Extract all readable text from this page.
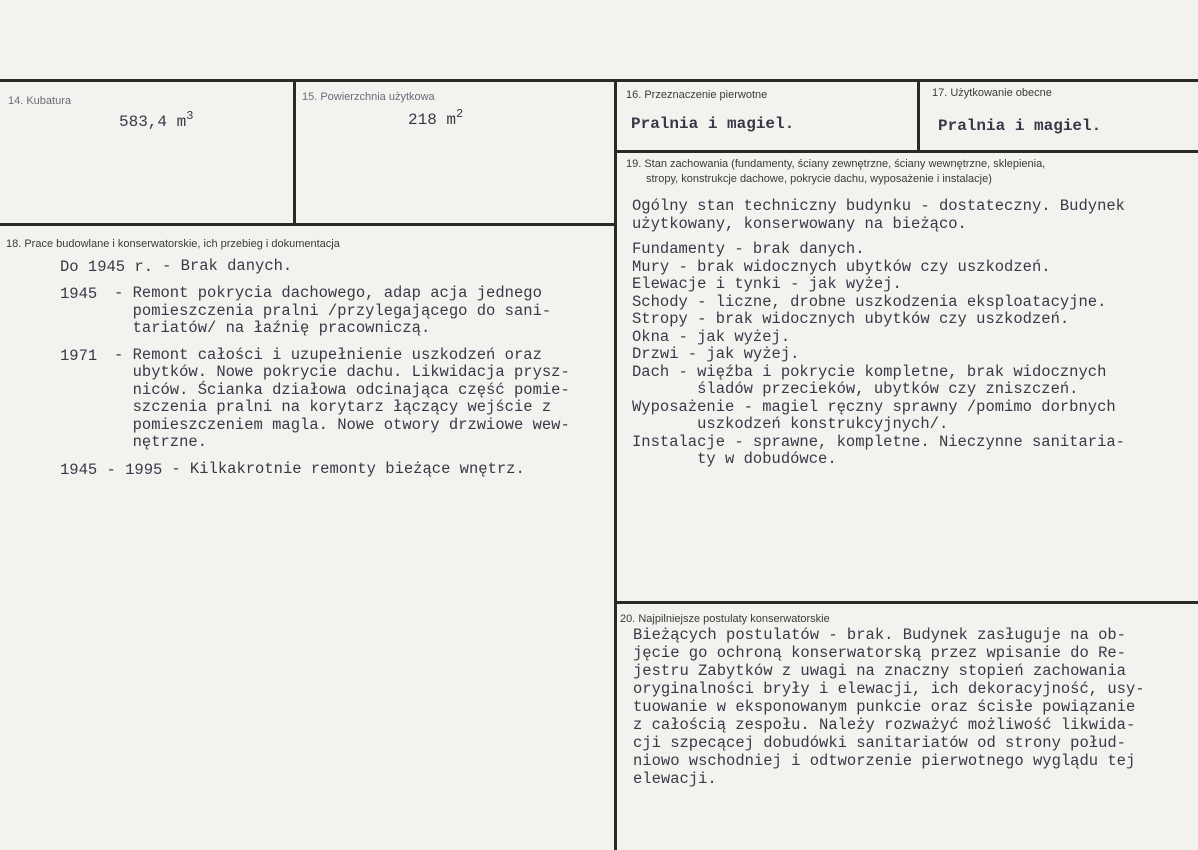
14. Kubatura
583,4 $m^3$
15. Powierzchnia użytkowa
218 $m^2$
16. Przeznaczenie pierwotne
Pralnia i magiel.
17. Użytkowanie obecne
Pralnia i magiel.
19. Stan zachowania (fundamenty, ściany zewnętrzne, ściany wewnętrzne, sklepienia,
stropy, konstrukcje dachowe, pokrycie dachu, wyposażenie i instalacje)
Ogólny stan techniczny budynku - dostateczny. Budynek
użytkowany, konserwowany na bieżąco.
Fundamenty - brak danych.
Mury - brak widocznych ubytków czy uszkodzeń.
Elewacje i tynki - jak wyżej.
Schody - liczne, drobne uszkodzenia eksploatacyjne.
Stropy - brak widocznych ubytków czy uszkodzeń.
Okna - jak wyżej.
Drzwi - jak wyżej.
Dach - więźba i pokrycie kompletne, brak widocznych
śladów przecieków, ubytków czy zniszczeń.
Wyposażenie - magiel ręczny sprawny /pomimo dorbnych
uszkodzeń konstrukcyjnych/.
Instalacje - sprawne, kompletne. Nieczynne sanitaria-
ty w dobudówce.
18. Prace budowlane i konserwatorskie, ich przebieg i dokumentacja
Do 1945 r. - Brak danych.
1945	- Remont pokrycia dachowego, adap acja jednego
pomieszczenia pralni /przylegającego do sani-
tariatów/ na łaźnię pracowniczą.
1971	- Remont całości i uzupełnienie uszkodzeń oraz
ubytków. Nowe pokrycie dachu. Likwidacja prysz-
niców. Ścianka działowa odcinająca część pomie-
szczenia pralni na korytarz łączący wejście z
pomieszczeniem magla. Nowe otwory drzwiowe wew-
nętrzne.
1945 - 1995 - Kilkakrotnie remonty bieżące wnętrz.
20. Najpilniejsze postulaty konserwatorskie
Bieżących postulatów - brak. Budynek zasługuje na ob-
jęcie go ochroną konserwatorską przez wpisanie do Re-
jestru Zabytków z uwagi na znaczny stopień zachowania
oryginalności bryły i elewacji, ich dekoracyjność, usy-
tuowanie w eksponowanym punkcie oraz ścisłe powiązanie
z całością zespołu. Należy rozważyć możliwość likwida-
cji szpecącej dobudówki sanitariatów od strony połud-
niowo wschodniej i odtworzenie pierwotnego wyglądu tej
elewacji.
